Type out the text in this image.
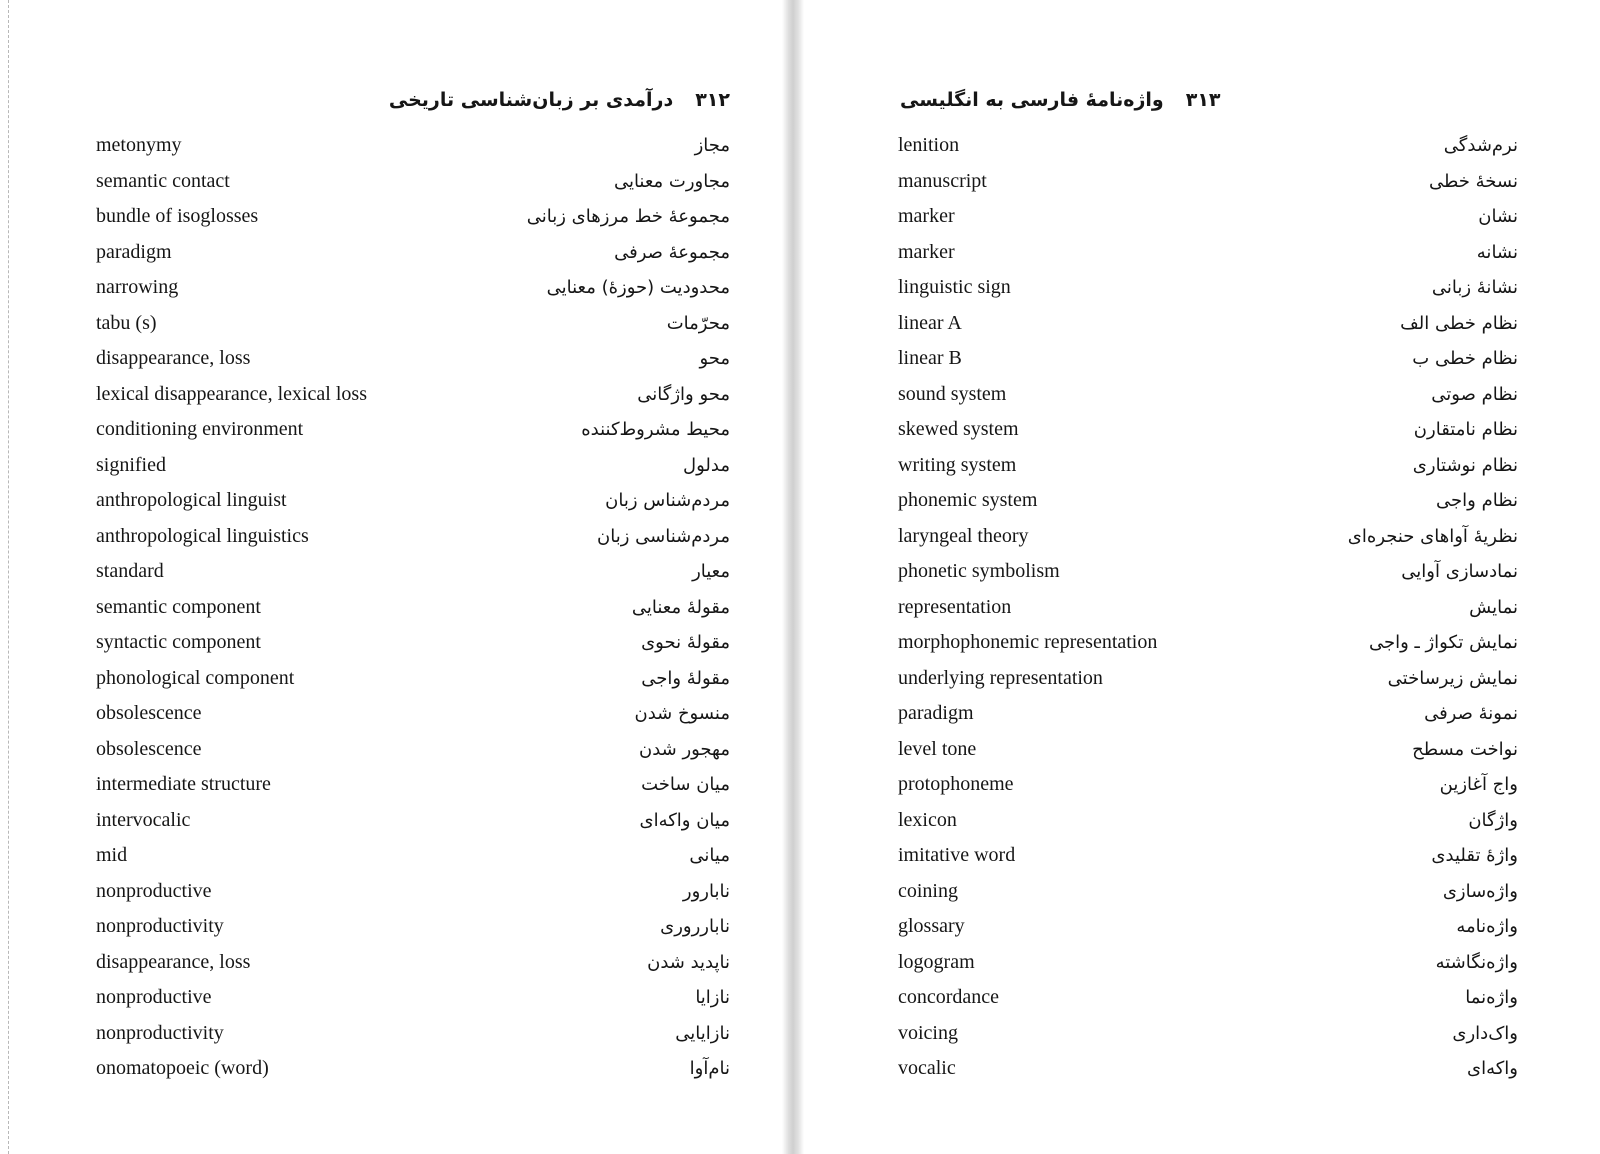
۳۱۲
درآمدی بر زبان‌شناسی تاریخی
metonymy	مجاز
semantic contact	مجاورت معنایی
bundle of isoglosses	مجموعهٔ خط مرزهای زبانی
paradigm	مجموعهٔ صرفی
narrowing	محدودیت (حوزهٔ) معنایی
tabu (s)	محرّمات
disappearance, loss	محو
lexical disappearance, lexical loss	محو واژگانی
conditioning environment	محیط مشروط‌کننده
signified	مدلول
anthropological linguist	مردم‌شناس زبان
anthropological linguistics	مردم‌شناسی زبان
standard	معیار
semantic component	مقولهٔ معنایی
syntactic component	مقولهٔ نحوی
phonological component	مقولهٔ واجی
obsolescence	منسوخ شدن
obsolescence	مهجور شدن
intermediate structure	میان ساخت
intervocalic	میان واکه‌ای
mid	میانی
nonproductive	نابارور
nonproductivity	نابارروری
disappearance, loss	ناپدید شدن
nonproductive	نازایا
nonproductivity	نازایایی
onomatopoeic (word)	نام‌آوا
۳۱۳
واژه‌نامهٔ فارسی به انگلیسی
lenition	نرم‌شدگی
manuscript	نسخهٔ خطی
marker	نشان
marker	نشانه
linguistic sign	نشانهٔ زبانی
linear A	نظام خطی الف
linear B	نظام خطی ب
sound system	نظام صوتی
skewed system	نظام نامتقارن
writing system	نظام نوشتاری
phonemic system	نظام واجی
laryngeal theory	نظریهٔ آواهای حنجره‌ای
phonetic symbolism	نمادسازی آوایی
representation	نمایش
morphophonemic representation	نمایش تکواژ ـ واجی
underlying representation	نمایش زیرساختی
paradigm	نمونهٔ صرفی
level tone	نواخت مسطح
protophoneme	واج آغازین
lexicon	واژگان
imitative word	واژهٔ تقلیدی
coining	واژه‌سازی
glossary	واژه‌نامه
logogram	واژه‌نگاشته
concordance	واژه‌نما
voicing	واک‌داری
vocalic	واکه‌ای
